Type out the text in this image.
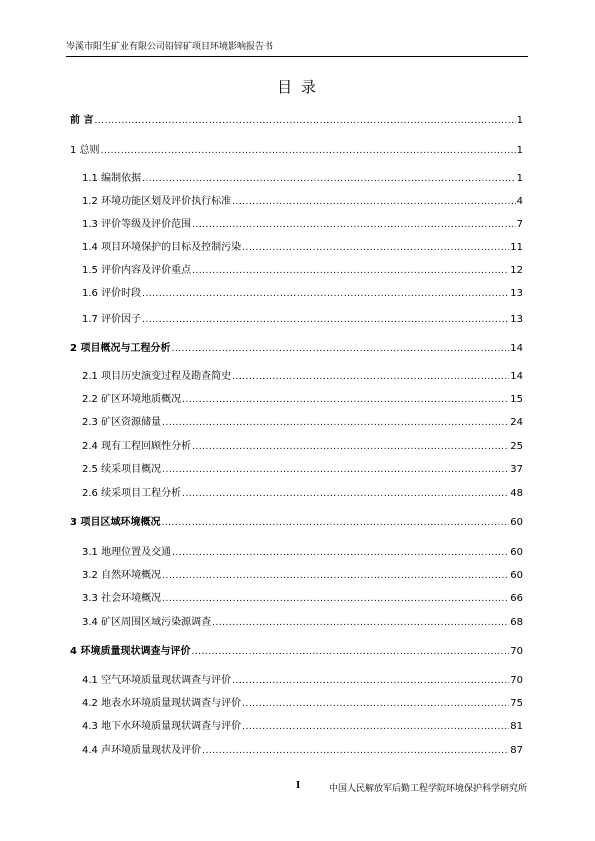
岑溪市阳生矿业有限公司铅锌矿项目环境影响报告书
目 录
前 言 .....	1
1 总则 .....	1
1.1 编制依据 .....	1
1.2 环境功能区划及评价执行标准 .....	4
1.3 评价等级及评价范围 .....	7
1.4 项目环境保护的目标及控制污染 .....	11
1.5 评价内容及评价重点 .....	12
1.6 评价时段 .....	13
1.7 评价因子 .....	13
2 项目概况与工程分析 .....	14
2.1 项目历史演变过程及勘查简史 .....	14
2.2 矿区环境地质概况 .....	15
2.3 矿区资源储量 .....	24
2.4 现有工程回顾性分析 .....	25
2.5 续采项目概况 .....	37
2.6 续采项目工程分析 .....	48
3 项目区域环境概况 .....	60
3.1 地理位置及交通 .....	60
3.2 自然环境概况 .....	60
3.3 社会环境概况 .....	66
3.4 矿区周围区域污染源调查 .....	68
4 环境质量现状调查与评价 .....	70
4.1 空气环境质量现状调查与评价 .....	70
4.2 地表水环境质量现状调查与评价 .....	75
4.3 地下水环境质量现状调查与评价 .....	81
4.4 声环境质量现状及评价 .....	87
I	中国人民解放军后勤工程学院环境保护科学研究所
